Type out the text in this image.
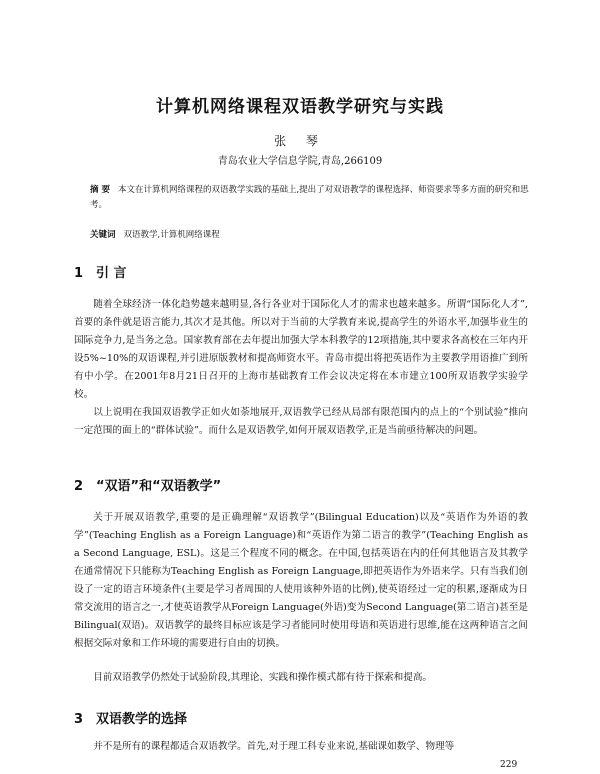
计算机网络课程双语教学研究与实践
张 琴
青岛农业大学信息学院,青岛,266109
摘 要 本文在计算机网络课程的双语教学实践的基础上,提出了对双语教学的课程选择、师资要求等多方面的研究和思考。
关键词 双语教学,计算机网络课程
1 引 言

随着全球经济一体化趋势越来越明显,各行各业对于国际化人才的需求也越来越多。所谓“国际化人才”,首要的条件就是语言能力,其次才是其他。所以对于当前的大学教育来说,提高学生的外语水平,加强毕业生的国际竞争力,是当务之急。国家教育部在去年提出加强大学本科教学的12项措施,其中要求各高校在三年内开设5%~10%的双语课程,并引进原版教材和提高师资水平。青岛市提出将把英语作为主要教学用语推广到所有中小学。在2001年8月21日召开的上海市基础教育工作会议决定将在本市建立100所双语教学实验学校。

以上说明在我国双语教学正如火如荼地展开,双语教学已经从局部有限范围内的点上的“个别试验”推向一定范围的面上的“群体试验”。而什么是双语教学,如何开展双语教学,正是当前亟待解决的问题。

2 “双语”和“双语教学”

关于开展双语教学,重要的是正确理解“双语教学”(Bilingual Education)以及“英语作为外语的教学”(Teaching English as a Foreign Language)和“英语作为第二语言的教学”(Teaching English as a Second Language, ESL)。这是三个程度不同的概念。在中国,包括英语在内的任何其他语言及其教学在通常情况下只能称为Teaching English as Foreign Language,即把英语作为外语来学。只有当我们创设了一定的语言环境条件(主要是学习者周围的人使用该种外语的比例),使英语经过一定的积累,逐渐成为日常交流用的语言之一,才使英语教学从Foreign Language(外语)变为Second Language(第二语言)甚至是Bilingual(双语)。双语教学的最终目标应该是学习者能同时使用母语和英语进行思维,能在这两种语言之间根据交际对象和工作环境的需要进行自由的切换。

目前双语教学仍然处于试验阶段,其理论、实践和操作模式都有待于探索和提高。

3 双语教学的选择

并不是所有的课程都适合双语教学。首先,对于理工科专业来说,基础课如数学、物理等

229
